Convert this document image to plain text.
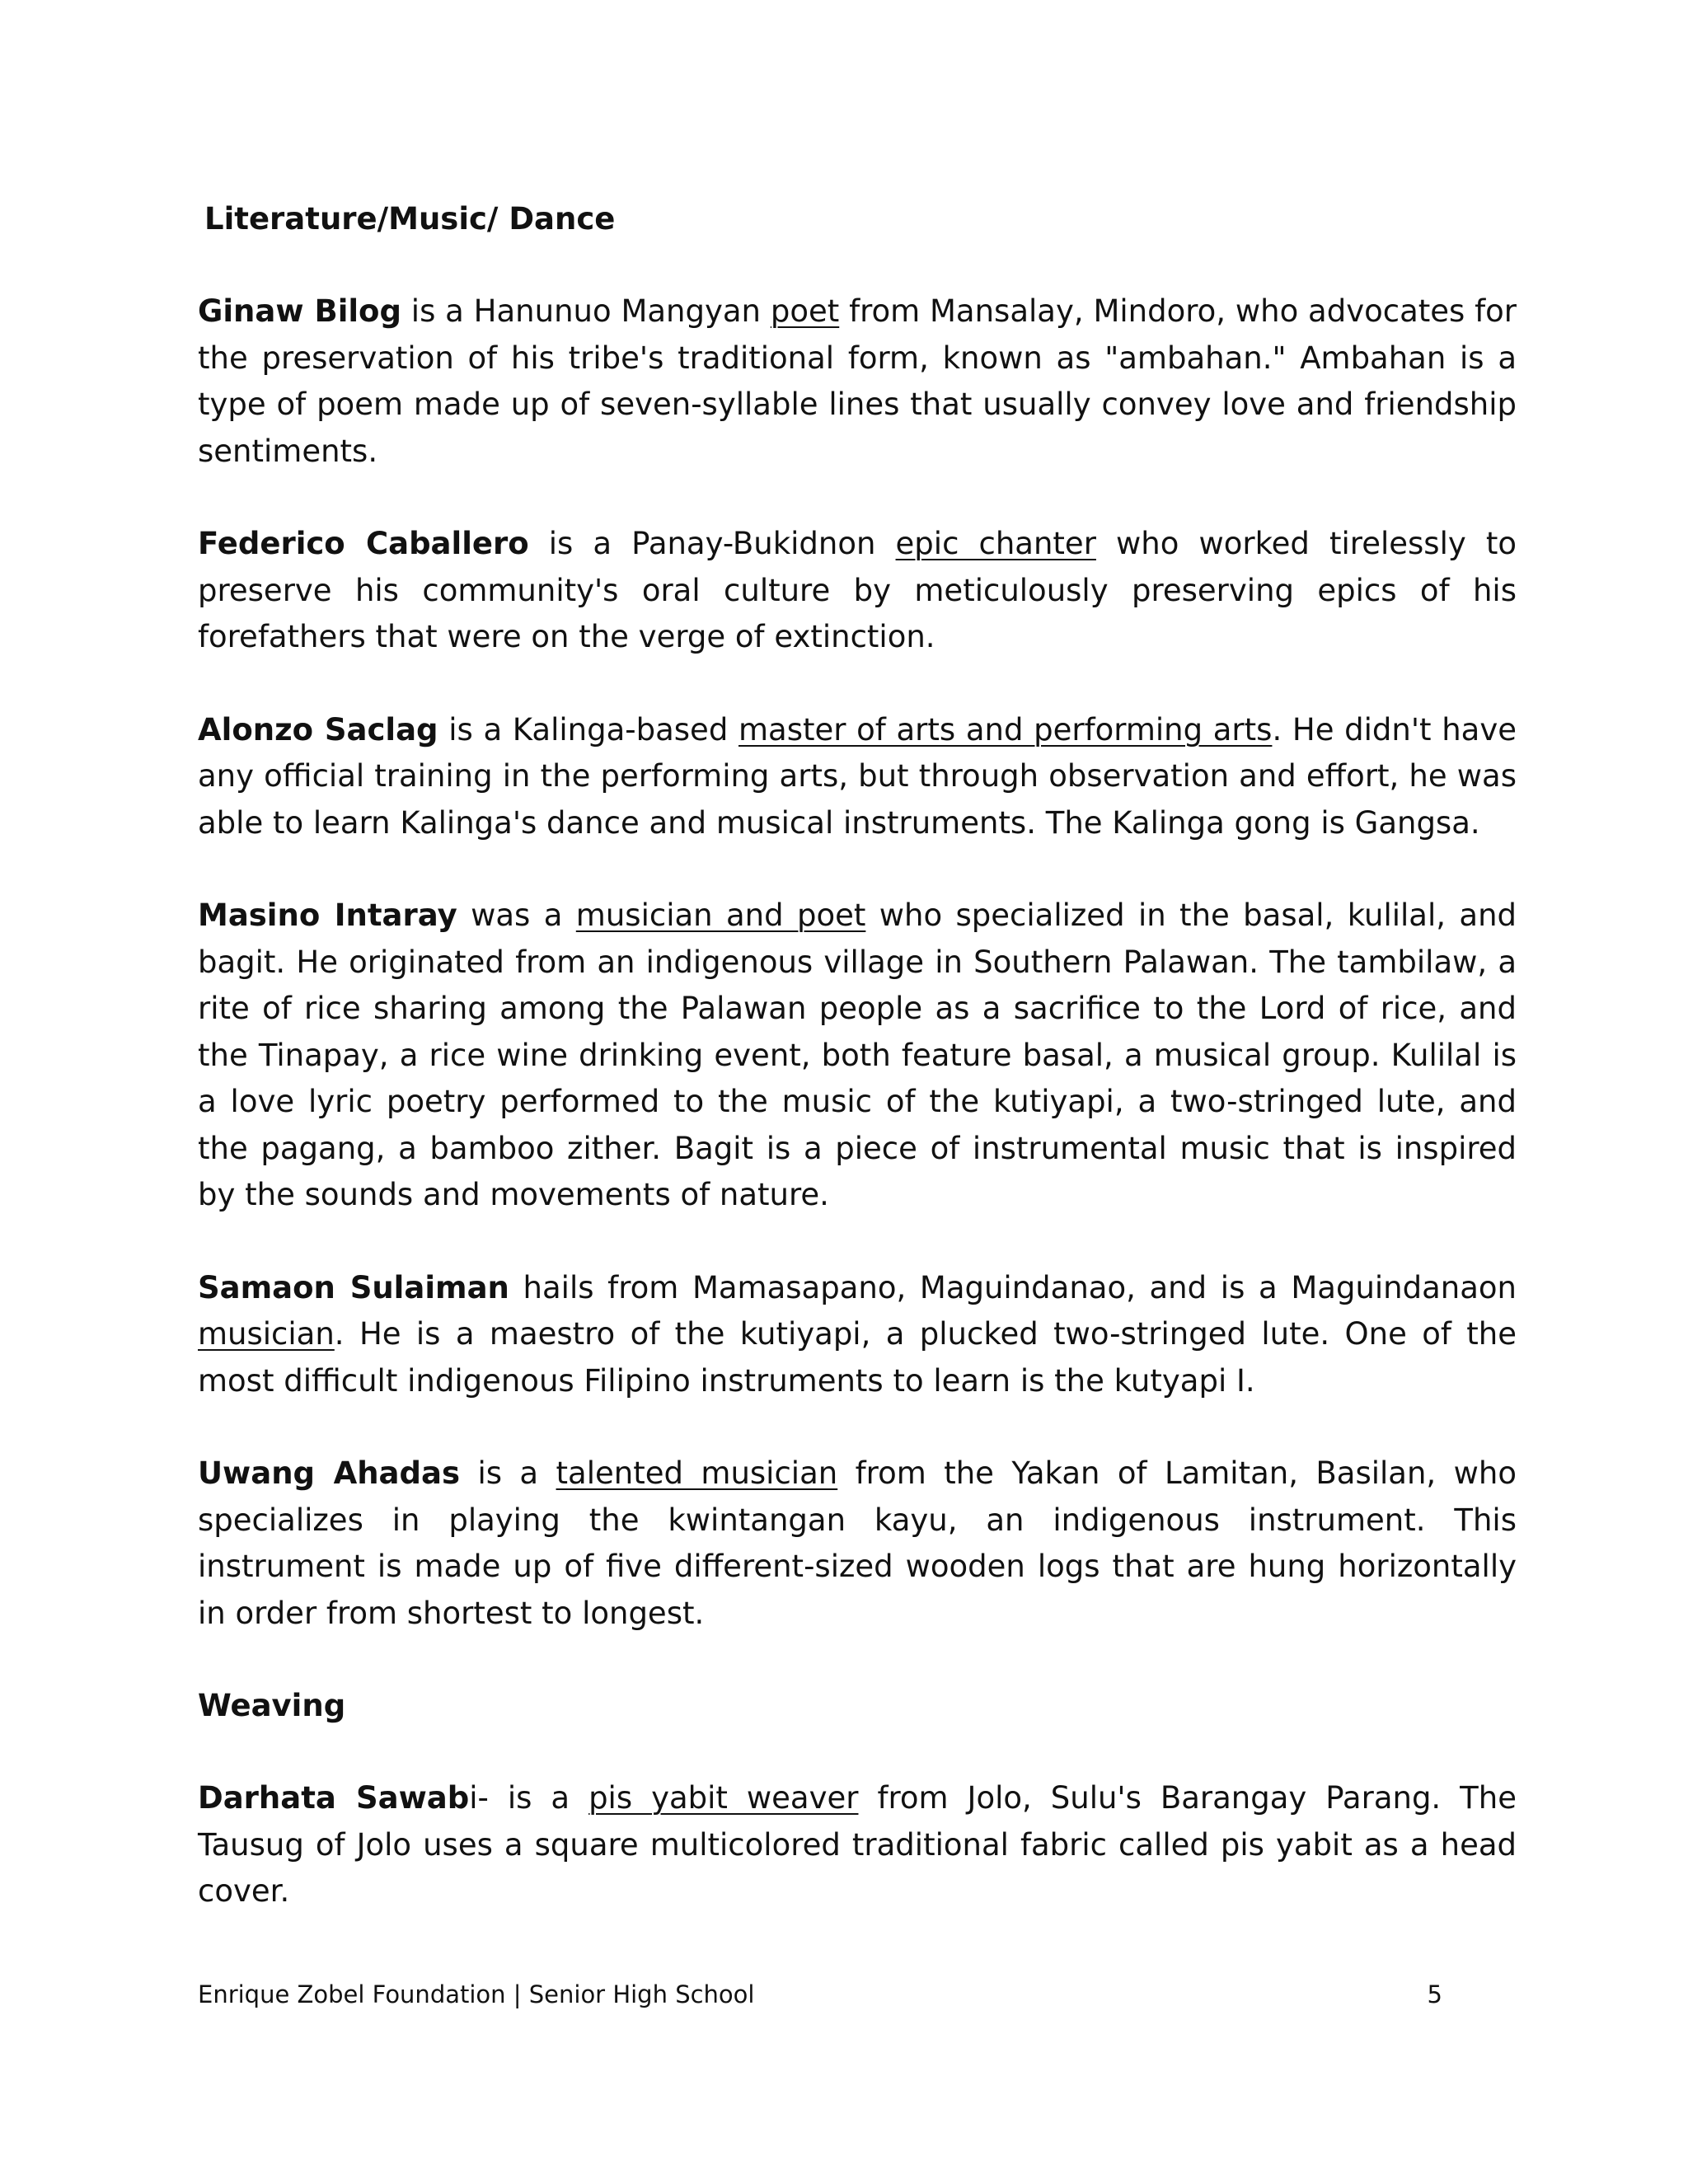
Literature/Music/ Dance

Ginaw Bilog is a Hanunuo Mangyan poet from Mansalay, Mindoro, who advocates for the preservation of his tribe's traditional form, known as "ambahan." Ambahan is a type of poem made up of seven-syllable lines that usually convey love and friendship sentiments.

Federico Caballero is a Panay-Bukidnon epic chanter who worked tirelessly to preserve his community's oral culture by meticulously preserving epics of his forefathers that were on the verge of extinction.

Alonzo Saclag is a Kalinga-based master of arts and performing arts. He didn't have any official training in the performing arts, but through observation and effort, he was able to learn Kalinga's dance and musical instruments. The Kalinga gong is Gangsa.

Masino Intaray was a musician and poet who specialized in the basal, kulilal, and bagit. He originated from an indigenous village in Southern Palawan. The tambilaw, a rite of rice sharing among the Palawan people as a sacrifice to the Lord of rice, and the Tinapay, a rice wine drinking event, both feature basal, a musical group. Kulilal is a love lyric poetry performed to the music of the kutiyapi, a two-stringed lute, and the pagang, a bamboo zither. Bagit is a piece of instrumental music that is inspired by the sounds and movements of nature.

Samaon Sulaiman hails from Mamasapano, Maguindanao, and is a Maguindanaon musician. He is a maestro of the kutiyapi, a plucked two-stringed lute. One of the most difficult indigenous Filipino instruments to learn is the kutyapi I.

Uwang Ahadas is a talented musician from the Yakan of Lamitan, Basilan, who specializes in playing the kwintangan kayu, an indigenous instrument. This instrument is made up of five different-sized wooden logs that are hung horizontally in order from shortest to longest.

Weaving

Darhata Sawabi- is a pis yabit weaver from Jolo, Sulu's Barangay Parang. The Tausug of Jolo uses a square multicolored traditional fabric called pis yabit as a head cover.

Enrique Zobel Foundation | Senior High School	5
